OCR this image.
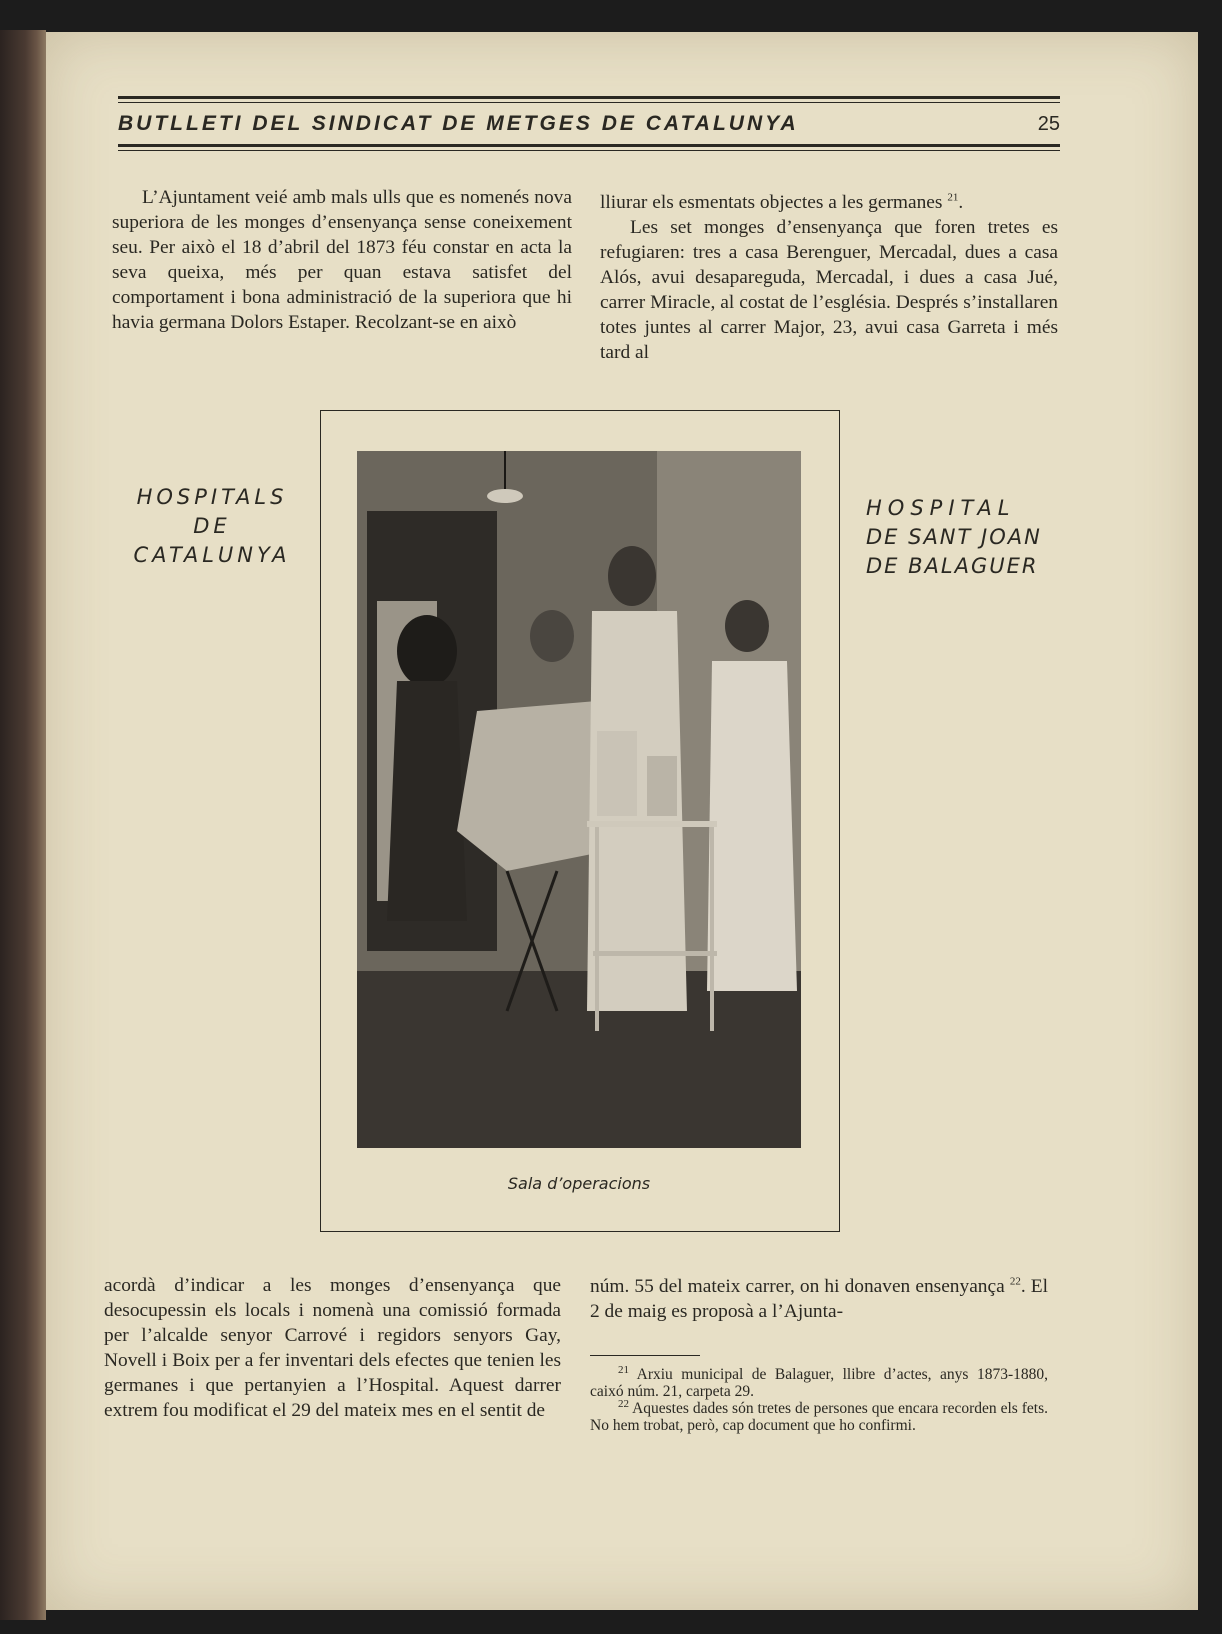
BUTLLETI DEL SINDICAT DE METGES DE CATALUNYA	25

L’Ajuntament veié amb mals ulls que es nomenés nova superiora de les monges d’ensenyança sense coneixement seu. Per això el 18 d’abril del 1873 féu constar en acta la seva queixa, més per quan estava satisfet del comportament i bona administració de la superiora que hi havia germana Dolors Estaper. Recolzant-se en això

lliurar els esmentats objectes a les germanes $^{21}$.

Les set monges d’ensenyança que foren tretes es refugiaren: tres a casa Berenguer, Mercadal, dues a casa Alós, avui desapareguda, Mercadal, i dues a casa Jué, carrer Miracle, al costat de l’església. Després s’installaren totes juntes al carrer Major, 23, avui casa Garreta i més tard al

HOSPITALS
DE
CATALUNYA
HOSPITAL
DE SANT JOAN
DE BALAGUER
Sala d’operacions

acordà d’indicar a les monges d’ensenyança que desocupessin els locals i nomenà una comissió formada per l’alcalde senyor Carrové i regidors senyors Gay, Novell i Boix per a fer inventari dels efectes que tenien les germanes i que pertanyien a l’Hospital. Aquest darrer extrem fou modificat el 29 del mateix mes en el sentit de

núm. 55 del mateix carrer, on hi donaven ensenyança $^{22}$. El 2 de maig es proposà a l’Ajunta-

$^{21}$ Arxiu municipal de Balaguer, llibre d’actes, anys 1873-1880, caixó núm. 21, carpeta 29.

$^{22}$ Aquestes dades són tretes de persones que encara recorden els fets. No hem trobat, però, cap document que ho confirmi.
